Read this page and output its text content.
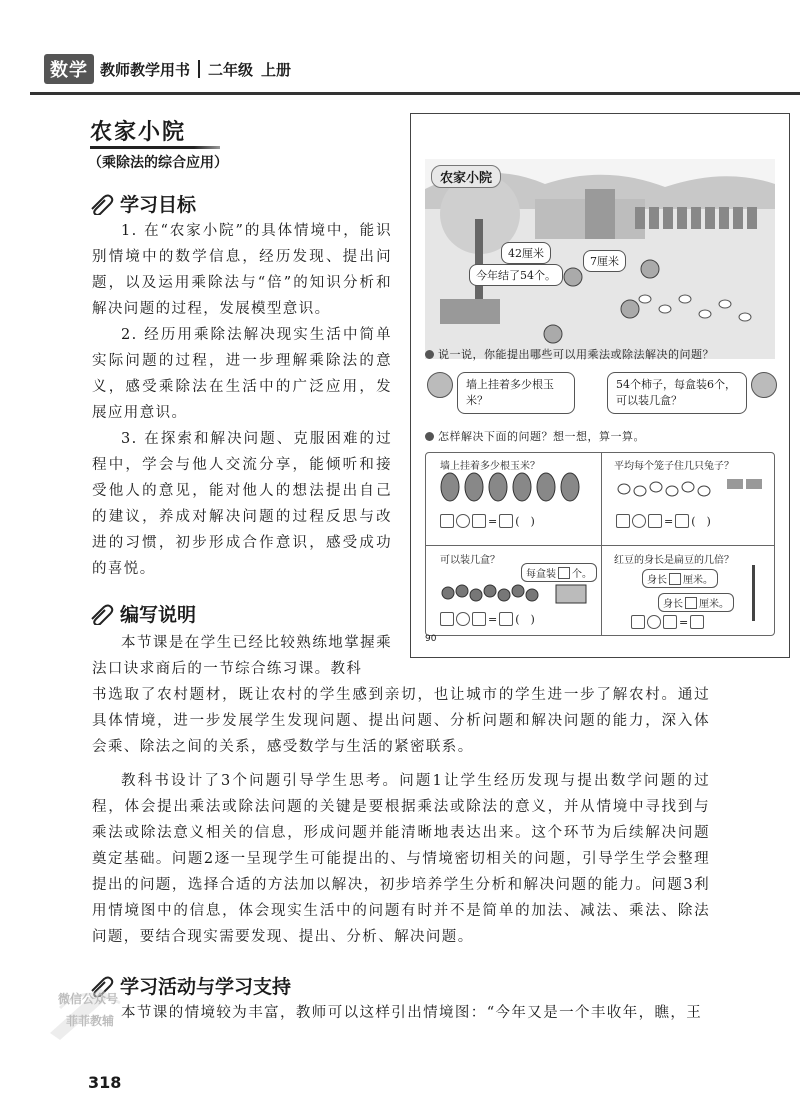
数学 教师教学用书 二年级 上册
农家小院
（乘除法的综合应用）
学习目标
1. 在“农家小院”的具体情境中，能识别情境中的数学信息，经历发现、提出问题，以及运用乘除法与“倍”的知识分析和解决问题的过程，发展模型意识。
2. 经历用乘除法解决现实生活中简单实际问题的过程，进一步理解乘除法的意义，感受乘除法在生活中的广泛应用，发展应用意识。
3. 在探索和解决问题、克服困难的过程中，学会与他人交流分享，能倾听和接受他人的意见，能对他人的想法提出自己的建议，养成对解决问题的过程反思与改进的习惯，初步形成合作意识，感受成功的喜悦。
编写说明
本节课是在学生已经比较熟练地掌握乘法口诀求商后的一节综合练习课。教科
书选取了农村题材，既让农村的学生感到亲切，也让城市的学生进一步了解农村。通过具体情境，进一步发展学生发现问题、提出问题、分析问题和解决问题的能力，深入体会乘、除法之间的关系，感受数学与生活的紧密联系。
教科书设计了3个问题引导学生思考。问题1让学生经历发现与提出数学问题的过程，体会提出乘法或除法问题的关键是要根据乘法或除法的意义，并从情境中寻找到与乘法或除法意义相关的信息，形成问题并能清晰地表达出来。这个环节为后续解决问题奠定基础。问题2逐一呈现学生可能提出的、与情境密切相关的问题，引导学生学会整理提出的问题，选择合适的方法加以解决，初步培养学生分析和解决问题的能力。问题3利用情境图中的信息，体会现实生活中的问题有时并不是简单的加法、减法、乘法、除法问题，要结合现实需要发现、提出、分析、解决问题。
学习活动与学习支持
本节课的情境较为丰富，教师可以这样引出情境图：“今年又是一个丰收年，瞧，王
农家小院
42厘米
7厘米
今年结了54个。
说一说，你能提出哪些可以用乘法或除法解决的问题？
墙上挂着多少根玉米？
54个柿子，每盒装6个，可以装几盒？
怎样解决下面的问题？想一想，算一算。
墙上挂着多少根玉米？
= (　)
平均每个笼子住几只兔子？
= (　)
可以装几盒？
每盒装 个。
= (　)
红豆的身长是扁豆的几倍？
身长 厘米。
身长 厘米。
=
90
微信公众号
菲菲教辅
318
